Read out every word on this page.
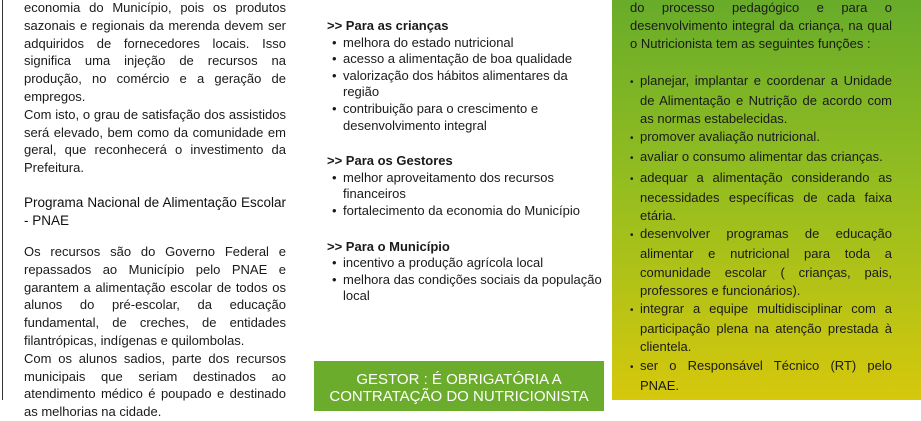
economia do Município, pois os produtos sazonais e regionais da merenda devem ser adquiridos de fornecedores locais. Isso significa uma injeção de recursos na produção, no comércio e a geração de empregos.

Com isto, o grau de satisfação dos assistidos será elevado, bem como da comunidade em geral, que reconhecerá o investimento da Prefeitura.

Programa Nacional de Alimentação Escolar - PNAE

Os recursos são do Governo Federal e repassados ao Município pelo PNAE e garantem a alimentação escolar de todos os alunos do pré-escolar, da educação fundamental, de creches, de entidades filantrópicas, indígenas e quilombolas.

Com os alunos sadios, parte dos recursos municipais que seriam destinados ao atendimento médico é poupado e destinado as melhorias na cidade.

>> Para as crianças
• melhora do estado nutricional
• acesso a alimentação de boa qualidade
• valorização dos hábitos alimentares da região
• contribuição para o crescimento e desenvolvimento integral
>> Para os Gestores
• melhor aproveitamento dos recursos financeiros
• fortalecimento da economia do Município
>> Para o Município
• incentivo a produção agrícola local
• melhora das condições sociais da população local
GESTOR : É OBRIGATÓRIA A
CONTRATAÇÃO DO NUTRICIONISTA

do processo pedagógico e para o desenvolvimento integral da criança, na qual o Nutricionista tem as seguintes funções :

• planejar, implantar e coordenar a Unidade de Alimentação e Nutrição de acordo com as normas estabelecidas.
• promover avaliação nutricional.
• avaliar o consumo alimentar das crianças.
• adequar a alimentação considerando as necessidades específicas de cada faixa etária.
• desenvolver programas de educação alimentar e nutricional para toda a comunidade escolar ( crianças, pais, professores e funcionários).
• integrar a equipe multidisciplinar com a participação plena na atenção prestada à clientela.
• ser o Responsável Técnico (RT) pelo PNAE.
